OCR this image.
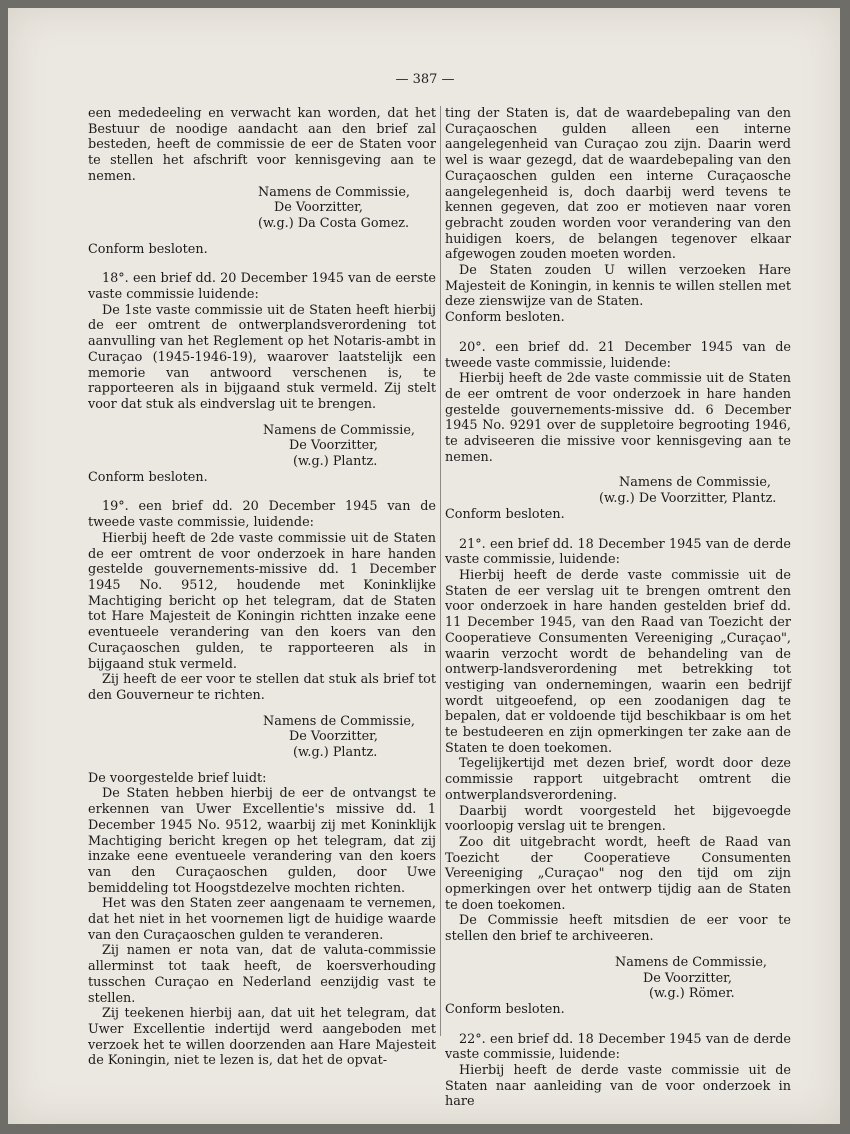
— 387 —

een mededeeling en verwacht kan worden, dat het Bestuur de noodige aandacht aan den brief zal besteden, heeft de commissie de eer de Staten voor te stellen het afschrift voor kennisgeving aan te nemen.

Namens de Commissie,

De Voorzitter,

(w.g.) Da Costa Gomez.

Conform besloten.

18°. een brief dd. 20 December 1945 van de eerste vaste commissie luidende:

De 1ste vaste commissie uit de Staten heeft hierbij de eer omtrent de ontwerplandsverordening tot aanvulling van het Reglement op het Notaris-ambt in Curaçao (1945-1946-19), waarover laatstelijk een memorie van antwoord verschenen is, te rapporteeren als in bijgaand stuk vermeld. Zij stelt voor dat stuk als eindverslag uit te brengen.

Namens de Commissie,

De Voorzitter,

(w.g.) Plantz.

Conform besloten.

19°. een brief dd. 20 December 1945 van de tweede vaste commissie, luidende:

Hierbij heeft de 2de vaste commissie uit de Staten de eer omtrent de voor onderzoek in hare handen gestelde gouvernements-missive dd. 1 December 1945 No. 9512, houdende met Koninklijke Machtiging bericht op het telegram, dat de Staten tot Hare Majesteit de Koningin richtten inzake eene eventueele verandering van den koers van den Curaçaoschen gulden, te rapporteeren als in bijgaand stuk vermeld.

Zij heeft de eer voor te stellen dat stuk als brief tot den Gouverneur te richten.

Namens de Commissie,

De Voorzitter,

(w.g.) Plantz.

De voorgestelde brief luidt:

De Staten hebben hierbij de eer de ontvangst te erkennen van Uwer Excellentie's missive dd. 1 December 1945 No. 9512, waarbij zij met Koninklijk Machtiging bericht kregen op het telegram, dat zij inzake eene eventueele verandering van den koers van den Curaçaoschen gulden, door Uwe bemiddeling tot Hoogstdezelve mochten richten.

Het was den Staten zeer aangenaam te vernemen, dat het niet in het voornemen ligt de huidige waarde van den Curaçaoschen gulden te veranderen.

Zij namen er nota van, dat de valuta-commissie allerminst tot taak heeft, de koersverhouding tusschen Curaçao en Nederland eenzijdig vast te stellen.

Zij teekenen hierbij aan, dat uit het telegram, dat Uwer Excellentie indertijd werd aangeboden met verzoek het te willen doorzenden aan Hare Majesteit de Koningin, niet te lezen is, dat het de opvat-

ting der Staten is, dat de waardebepaling van den Curaçaoschen gulden alleen een interne aangelegenheid van Curaçao zou zijn. Daarin werd wel is waar gezegd, dat de waardebepaling van den Curaçaoschen gulden een interne Curaçaosche aangelegenheid is, doch daarbij werd tevens te kennen gegeven, dat zoo er motieven naar voren gebracht zouden worden voor verandering van den huidigen koers, de belangen tegenover elkaar afgewogen zouden moeten worden.

De Staten zouden U willen verzoeken Hare Majesteit de Koningin, in kennis te willen stellen met deze zienswijze van de Staten.

Conform besloten.

20°. een brief dd. 21 December 1945 van de tweede vaste commissie, luidende:

Hierbij heeft de 2de vaste commissie uit de Staten de eer omtrent de voor onderzoek in hare handen gestelde gouvernements-missive dd. 6 December 1945 No. 9291 over de suppletoire begrooting 1946, te adviseeren die missive voor kennisgeving aan te nemen.

Namens de Commissie,

(w.g.) De Voorzitter, Plantz.

Conform besloten.

21°. een brief dd. 18 December 1945 van de derde vaste commissie, luidende:

Hierbij heeft de derde vaste commissie uit de Staten de eer verslag uit te brengen omtrent den voor onderzoek in hare handen gestelden brief dd. 11 December 1945, van den Raad van Toezicht der Cooperatieve Consumenten Vereeniging „Curaçao", waarin verzocht wordt de behandeling van de ontwerp-landsverordening met betrekking tot vestiging van ondernemingen, waarin een bedrijf wordt uitgeoefend, op een zoodanigen dag te bepalen, dat er voldoende tijd beschikbaar is om het te bestudeeren en zijn opmerkingen ter zake aan de Staten te doen toekomen.

Tegelijkertijd met dezen brief, wordt door deze commissie rapport uitgebracht omtrent die ontwerplandsverordening.

Daarbij wordt voorgesteld het bijgevoegde voorloopig verslag uit te brengen.

Zoo dit uitgebracht wordt, heeft de Raad van Toezicht der Cooperatieve Consumenten Vereeniging „Curaçao" nog den tijd om zijn opmerkingen over het ontwerp tijdig aan de Staten te doen toekomen.

De Commissie heeft mitsdien de eer voor te stellen den brief te archiveeren.

Namens de Commissie,

De Voorzitter,

(w.g.) Römer.

Conform besloten.

22°. een brief dd. 18 December 1945 van de derde vaste commissie, luidende:

Hierbij heeft de derde vaste commissie uit de Staten naar aanleiding van de voor onderzoek in hare
